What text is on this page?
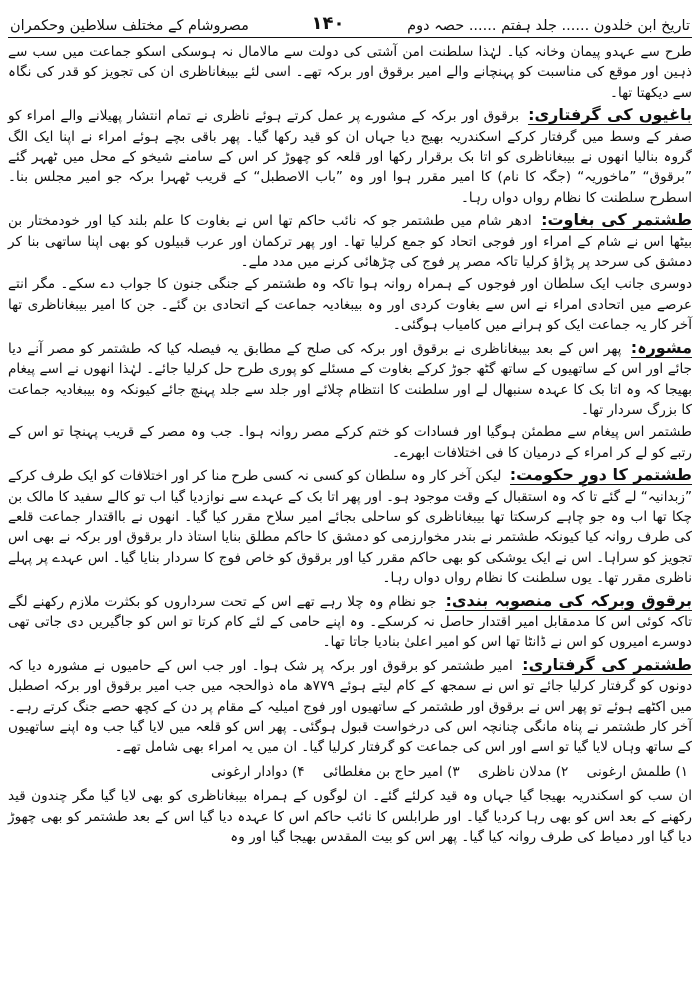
تاریخ ابن خلدون ...... جلد ہفتم ...... حصہ دوم
۱۴۰
مصروشام کے مختلف سلاطین وحکمران

طرح سے عہدو پیمان وخانہ کیا۔ لہٰذا سلطنت امن آشتی کی دولت سے مالامال نہ ہوسکی اسکو جماعت میں سب سے ذہین اور موقع کی مناسبت کو پہنچانے والے امیر برقوق اور برکہ تھے۔ اسی لئے بیبغاناظری ان کی تجویز کو قدر کی نگاہ سے دیکھتا تھا۔

باغیوں کی گرفتاری: برقوق اور برکہ کے مشورے پر عمل کرتے ہوئے ناظری نے تمام انتشار پھیلانے والے امراء کو صفر کے وسط میں گرفتار کرکے اسکندریہ بھیج دیا جہاں ان کو قید رکھا گیا۔ پھر باقی بچے ہوئے امراء نے اپنا ایک الگ گروہ بنالیا انھوں نے بیبغاناظری کو اتا بک برقرار رکھا اور قلعہ کو چھوڑ کر اس کے سامنے شیخو کے محل میں ٹھہر گئے ”برقوق“ ”ماخوریہ“ (جگہ کا نام) کا امیر مقرر ہوا اور وہ ”باب الاصطبل“ کے قریب ٹھہرا برکہ جو امیر مجلس بنا۔ اسطرح سلطنت کا نظام رواں دواں رہا۔

طشتمر کی بغاوت: ادھر شام میں طشتمر جو کہ نائب حاکم تھا اس نے بغاوت کا علم بلند کیا اور خودمختار بن بیٹھا اس نے شام کے امراء اور فوجی اتحاد کو جمع کرلیا تھا۔ اور پھر ترکمان اور عرب قبیلوں کو بھی اپنا ساتھی بنا کر دمشق کی سرحد پر پڑاؤ کرلیا تاکہ مصر پر فوج کی چڑھائی کرنے میں مدد ملے۔

دوسری جانب ایک سلطان اور فوجوں کے ہمراہ روانہ ہوا تاکہ وہ طشتمر کے جنگی جنون کا جواب دے سکے۔ مگر انتے عرصے میں اتحادی امراء نے اس سے بغاوت کردی اور وہ بیبغادیہ جماعت کے اتحادی بن گئے۔ جن کا امیر بیبغاناظری تھا آخر کار یہ جماعت ایک کو ہرانے میں کامیاب ہوگئی۔

مشورہ: پھر اس کے بعد بیبغاناظری نے برقوق اور برکہ کی صلح کے مطابق یہ فیصلہ کیا کہ طشتمر کو مصر آنے دیا جائے اور اس کے ساتھیوں کے ساتھ گٹھ جوڑ کرکے بغاوت کے مسئلے کو پوری طرح حل کرلیا جائے۔ لہٰذا انھوں نے اسے پیغام بھیجا کہ وہ اتا بک کا عہدہ سنبھال لے اور سلطنت کا انتظام چلائے اور جلد سے جلد پہنچ جائے کیونکہ وہ بیبغادیہ جماعت کا بزرگ سردار تھا۔

طشتمر اس پیغام سے مطمئن ہوگیا اور فسادات کو ختم کرکے مصر روانہ ہوا۔ جب وہ مصر کے قریب پہنچا تو اس کے رتبے کو لے کر امراء کے درمیان کا فی اختلافات ابھرے۔

طشتمر کا دورِ حکومت: لیکن آخر کار وہ سلطان کو کسی نہ کسی طرح منا کر اور اختلافات کو ایک طرف کرکے ”زبدانیہ“ لے گئے تا کہ وہ استقبال کے وقت موجود ہو۔ اور پھر اتا بک کے عہدے سے نوازدیا گیا اب تو کالے سفید کا مالک بن چکا تھا اب وہ جو چاہے کرسکتا تھا بیبغاناظری کو ساحلی بجائے امیر سلاح مقرر کیا گیا۔ انھوں نے بااقتدار جماعت قلعے کی طرف روانہ کیا کیونکہ طشتمر نے بندر مخوارزمی کو دمشق کا حاکم مطلق بنایا استاذ دار برقوق اور برکہ نے بھی اس تجویز کو سراہا۔ اس نے ایک یوشکی کو بھی حاکم مقرر کیا اور برقوق کو خاص فوج کا سردار بنایا گیا۔ اس عہدے پر پہلے ناظری مقرر تھا۔ یوں سلطنت کا نظام رواں دواں رہا۔

برقوق وبرکہ کی منصوبہ بندی: جو نظام وہ چلا رہے تھے اس کے تحت سرداروں کو بکثرت ملازم رکھنے لگے تاکہ کوئی اس کا مدمقابل امیر اقتدار حاصل نہ کرسکے۔ وہ اپنے حامی کے لئے کام کرتا تو اس کو جاگیریں دی جاتی تھی دوسرے امیروں کو اس نے ڈانٹا تھا اس کو امیر اعلیٰ بنادیا جاتا تھا۔

طشتمر کی گرفتاری: امیر طشتمر کو برقوق اور برکہ پر شک ہوا۔ اور جب اس کے حامیوں نے مشورہ دیا کہ دونوں کو گرفتار کرلیا جائے تو اس نے سمجھ کے کام لیتے ہوئے ۷۷۹ھ ماہ ذوالحجہ میں جب امیر برقوق اور برکہ اصطبل میں اکٹھے ہوئے تو پھر اس نے برقوق اور طشتمر کے ساتھیوں اور فوج امیلیہ کے مقام پر دن کے کچھ حصے جنگ کرتے رہے۔ آخر کار طشتمر نے پناہ مانگی چنانچہ اس کی درخواست قبول ہوگئی۔ پھر اس کو قلعہ میں لایا گیا جب وہ اپنے ساتھیوں کے ساتھ وہاں لایا گیا تو اسے اور اس کی جماعت کو گرفتار کرلیا گیا۔ ان میں یہ امراء بھی شامل تھے۔

۱) طلمش ارغونی ۲) مدلان ناظری ۳) امیر حاج بن مغلطائی ۴) دوادار ارغونی

ان سب کو اسکندریہ بھیجا گیا جہاں وہ قید کرلئے گئے۔ ان لوگوں کے ہمراہ بیبغاناظری کو بھی لایا گیا مگر چندون قید رکھنے کے بعد اس کو بھی رہا کردیا گیا۔ اور طرابلس کا نائب حاکم اس کا عہدہ دیا گیا اس کے بعد طشتمر کو بھی چھوڑ دیا گیا اور دمیاط کی طرف روانہ کیا گیا۔ پھر اس کو بیت المقدس بھیجا گیا اور وہ
